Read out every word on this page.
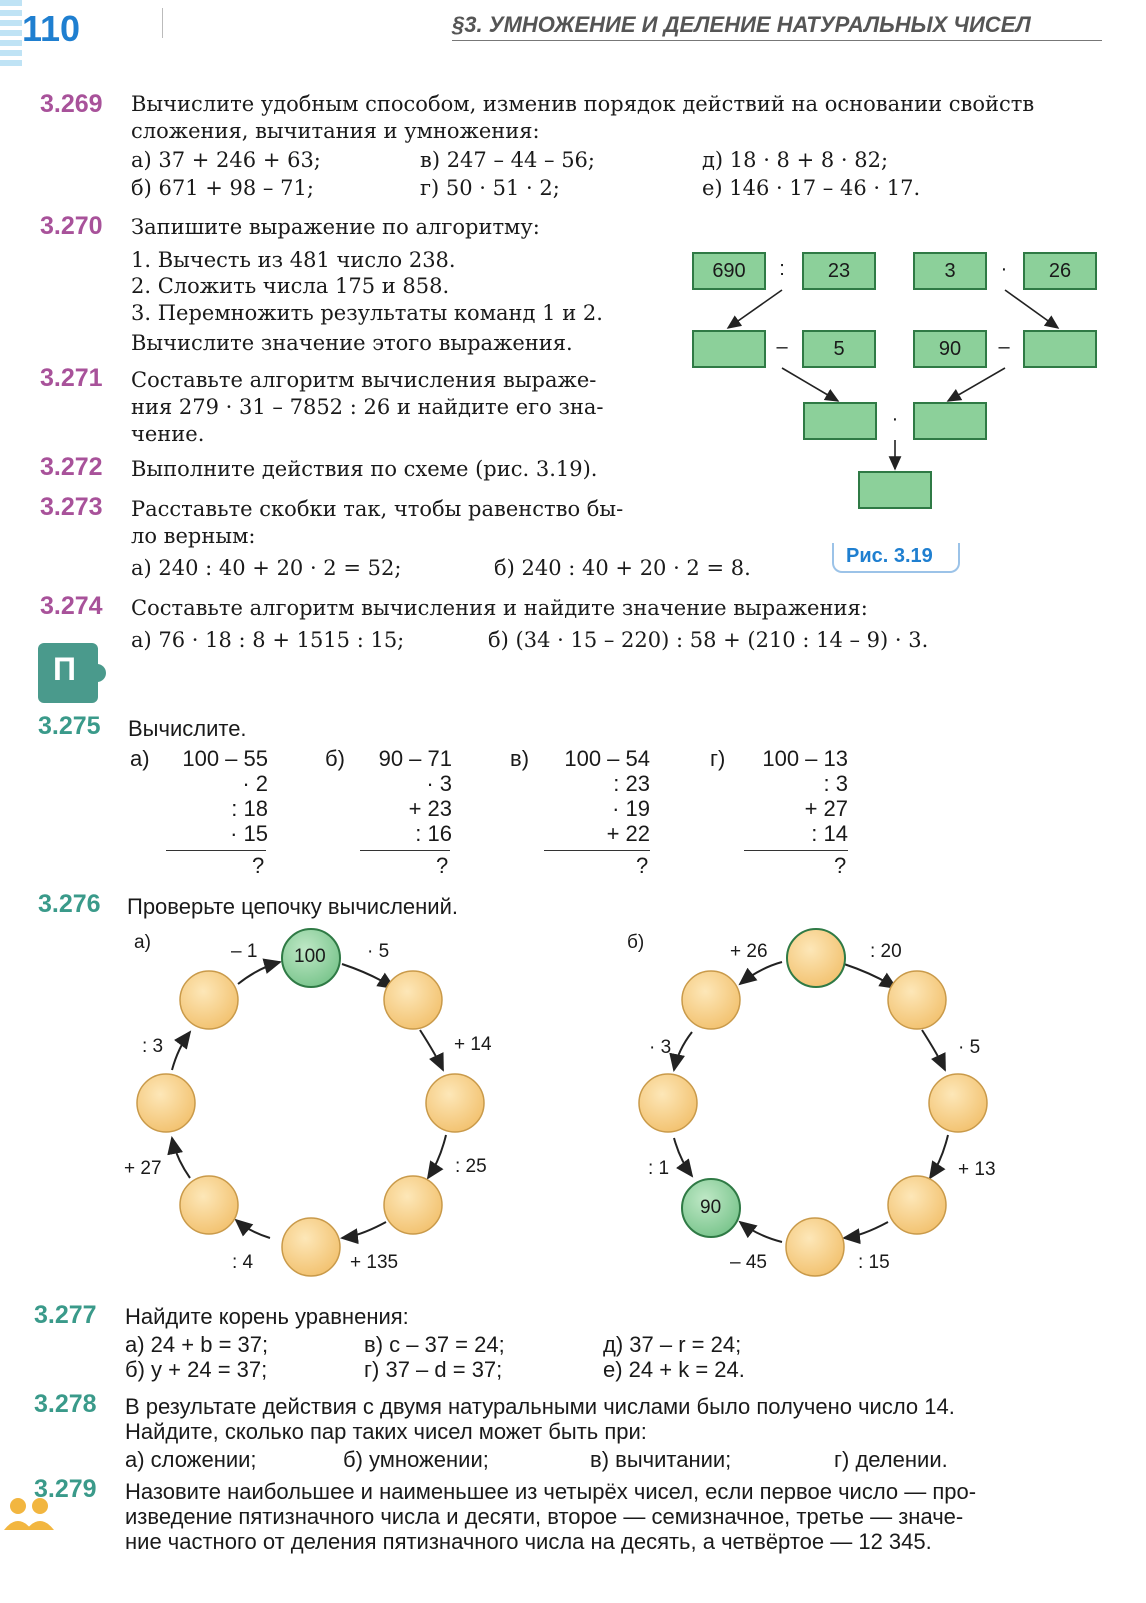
110	§3. УМНОЖЕНИЕ И ДЕЛЕНИЕ НАТУРАЛЬНЫХ ЧИСЕЛ
3.269 Вычислите удобным способом, изменив порядок действий на основании свойств
сложения, вычитания и умножения:
а) 37 + 246 + 63;
б) 671 + 98 – 71;
в) 247 – 44 – 56;
г) 50 · 51 · 2;
д) 18 · 8 + 8 · 82;
е) 146 · 17 – 46 · 17.
3.270 Запишите выражение по алгоритму:
1. Вычесть из 481 число 238.
2. Сложить числа 175 и 858.
3. Перемножить результаты команд 1 и 2.
Вычислите значение этого выражения.
3.271 Составьте алгоритм вычисления выраже-
ния 279 · 31 – 7852 : 26 и найдите его зна-
чение.
3.272 Выполните действия по схеме (рис. 3.19).
3.273 Расставьте скобки так, чтобы равенство бы-
ло верным:
а) 240 : 40 + 20 · 2 = 52;	б) 240 : 40 + 20 · 2 = 8.
690	:	23	3	·	26
–	5	90	–
·
Рис. 3.19
3.274 Составьте алгоритм вычисления и найдите значение выражения:
а) 76 · 18 : 8 + 1515 : 15;	б) (34 · 15 – 220) : 58 + (210 : 14 – 9) · 3.
П
3.275 Вычислите.
а)	100 – 55
· 2
: 18
· 15
?
б)	90 – 71
· 3
+ 23
: 16
?
в)	100 – 54
: 23
· 19
+ 22
?
г)	100 – 13
: 3
+ 27
: 14
?
3.276 Проверьте цепочку вычислений.
а)
100 · 5
+ 14
: 25
+ 135
: 4
+ 27
: 3
– 1	б)
90
: 20
· 5
+ 13
: 15
– 45
: 1
· 3
+ 26
3.277 Найдите корень уравнения:
а) 24 + b = 37;
б) y + 24 = 37;
в) c – 37 = 24;
г) 37 – d = 37;
д) 37 – r = 24;
е) 24 + k = 24.
3.278 В результате действия с двумя натуральными числами было получено число 14.
Найдите, сколько пар таких чисел может быть при:
а) сложении;	б) умножении;	в) вычитании;	г) делении.
3.279 Назовите наибольшее и наименьшее из четырёх чисел, если первое число — про-
изведение пятизначного числа и десяти, второе — семизначное, третье — значе-
ние частного от деления пятизначного числа на десять, а четвёртое — 12 345.
